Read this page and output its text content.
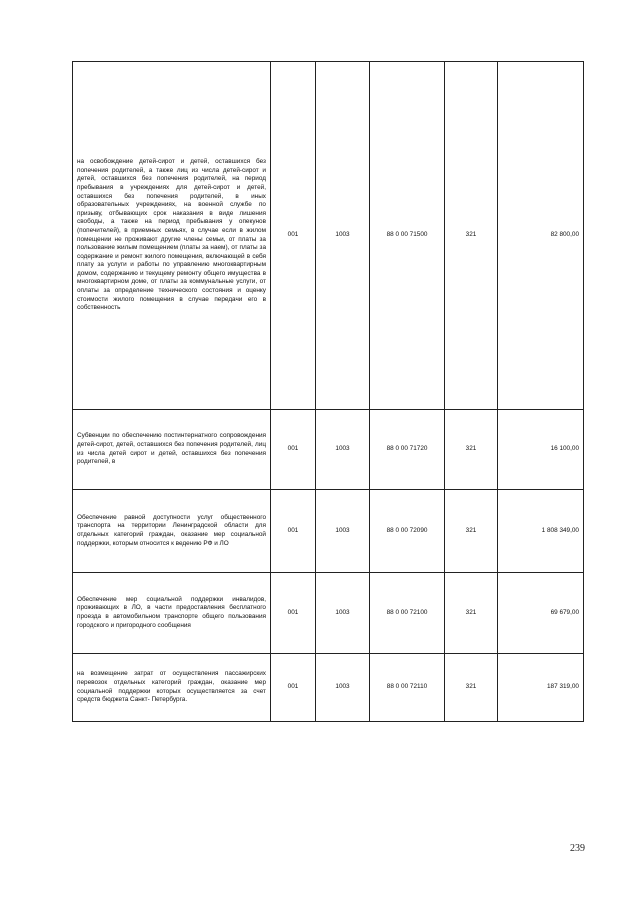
на освобождение детей-сирот и детей, оставшихся без попечения родителей, а также лиц из числа детей-сирот и детей, оставшихся без попечения родителей, на период пребывания в учреждениях для детей-сирот и детей, оставшихся без попечения родителей, в иных образовательных учреждениях, на военной службе по призыву, отбывающих срок наказания в виде лишения свободы, а также на период пребывания у опекунов (попечителей), в приемных семьях, в случае если в жилом помещении не проживают другие члены семьи, от платы за пользование жилым помещением (платы за наем), от платы за содержание и ремонт жилого помещения, включающей в себя плату за услуги и работы по управлению многоквартирным домом, содержанию и текущему ремонту общего имущества в многоквартирном доме, от платы за коммунальные услуги, от оплаты за определение технического состояния и оценку стоимости жилого помещения в случае передачи его в собственность	001	1003	88 0 00 71500	321	82 800,00
Субвенции по обеспечению постинтернатного сопровождения детей-сирот, детей, оставшихся без попечения родителей, лиц из числа детей сирот и детей, оставшихся без попечения родителей, в	001	1003	88 0 00 71720	321	16 100,00
Обеспечение равной доступности услуг общественного транспорта на территории Ленинградской области для отдельных категорий граждан, оказание мер социальной поддержки, которым относится к ведению РФ и ЛО	001	1003	88 0 00 72090	321	1 808 349,00
Обеспечение мер социальной поддержки инвалидов, проживающих в ЛО, в части предоставления бесплатного проезда в автомобильном транспорте общего пользования городского и пригородного сообщения	001	1003	88 0 00 72100	321	69 679,00
на возмещение затрат от осуществления пассажирских перевозок отдельных категорий граждан, оказание мер социальной поддержки которых осуществляется за счет средств бюджета Санкт- Петербурга.	001	1003	88 0 00 72110	321	187 319,00
239
